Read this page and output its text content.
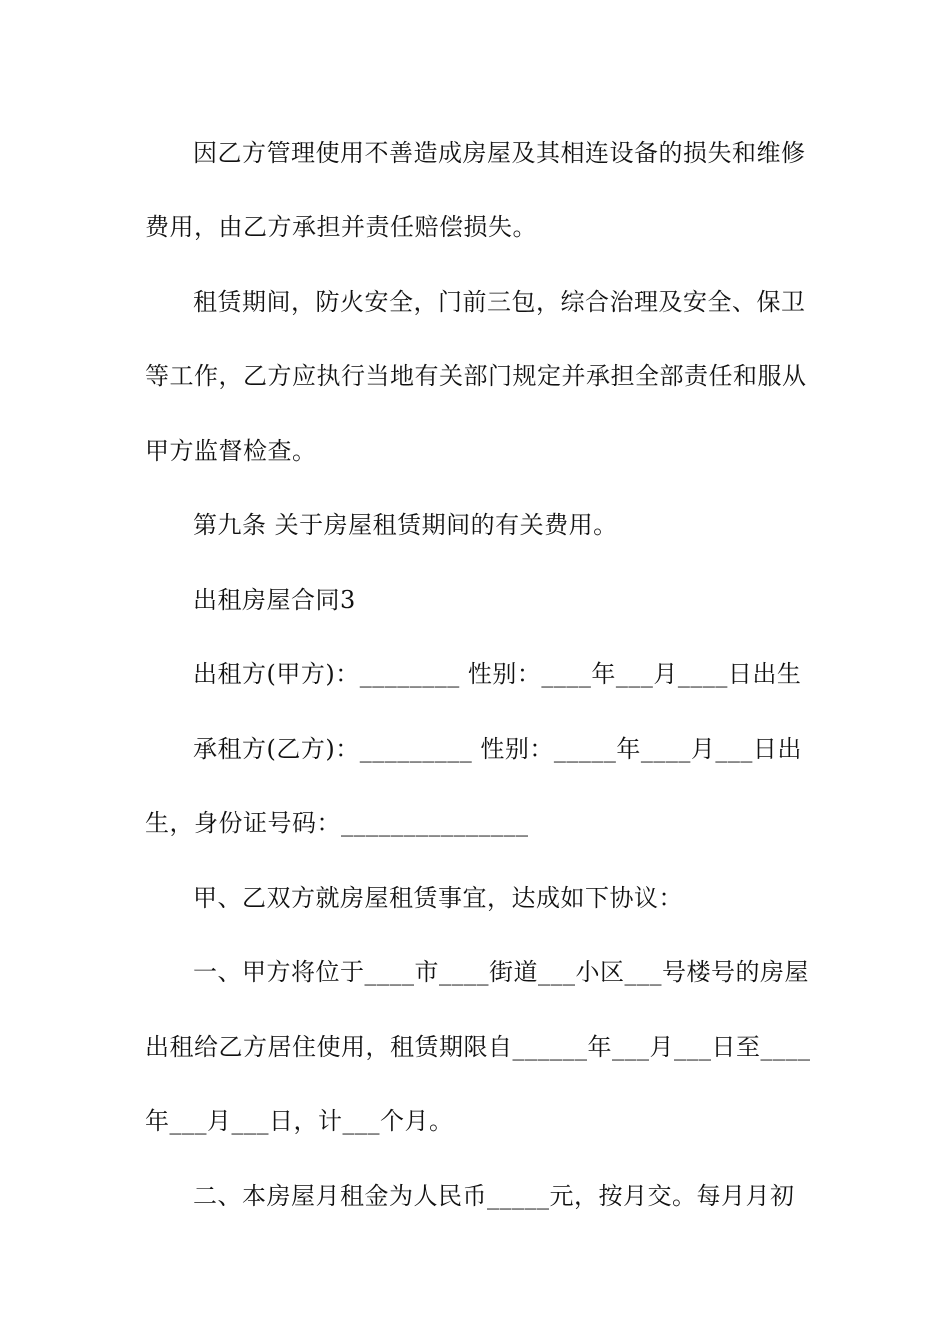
因乙方管理使用不善造成房屋及其相连设备的损失和维修
费用，由乙方承担并责任赔偿损失。
租赁期间，防火安全，门前三包，综合治理及安全、保卫
等工作，乙方应执行当地有关部门规定并承担全部责任和服从
甲方监督检查。
第九条 关于房屋租赁期间的有关费用。
出租房屋合同3
出租方(甲方)：________ 性别：____年___月____日出生
承租方(乙方)：_________ 性别：_____年____月___日出
生，身份证号码：_______________
甲、乙双方就房屋租赁事宜，达成如下协议：
一、甲方将位于____市____街道___小区___号楼号的房屋
出租给乙方居住使用，租赁期限自______年___月___日至____
年___月___日，计___个月。
二、本房屋月租金为人民币_____元，按月交。每月月初
